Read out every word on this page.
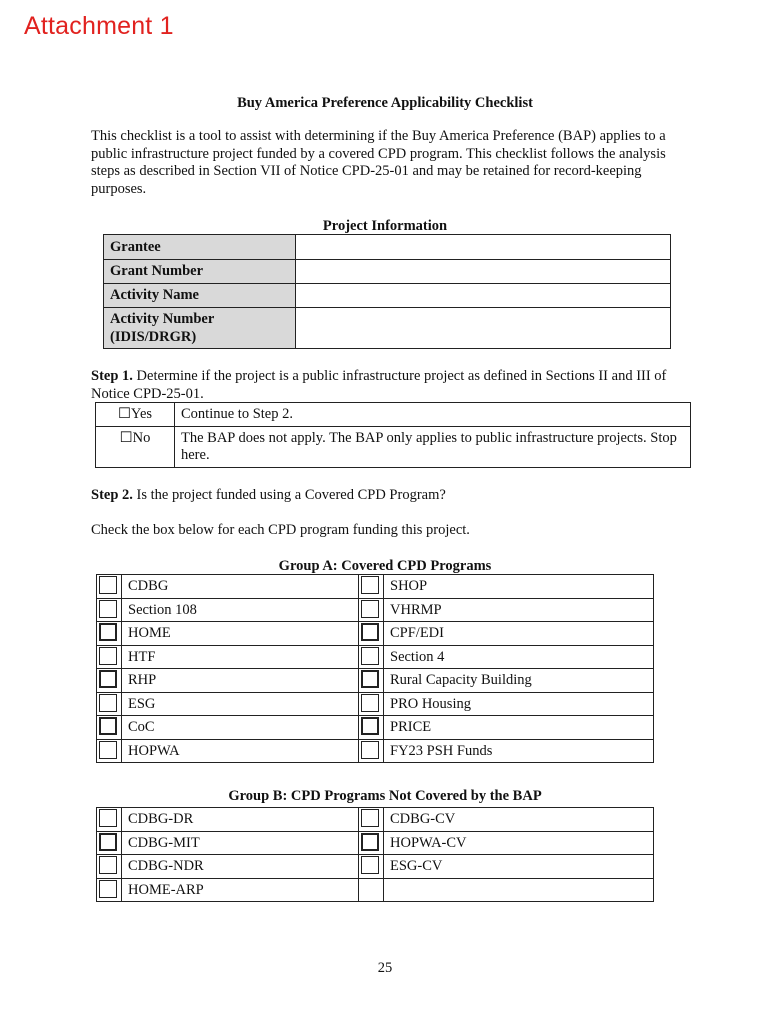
Attachment 1
Buy America Preference Applicability Checklist
This checklist is a tool to assist with determining if the Buy America Preference (BAP) applies to a public infrastructure project funded by a covered CPD program. This checklist follows the analysis steps as described in Section VII of Notice CPD-25-01 and may be retained for record-keeping purposes.
Project Information
Grantee	
Grant Number	
Activity Name	
Activity Number (IDIS/DRGR)	
Step 1. Determine if the project is a public infrastructure project as defined in Sections II and III of Notice CPD-25-01.
☐Yes	Continue to Step 2.
☐No	The BAP does not apply. The BAP only applies to public infrastructure projects. Stop here.
Step 2. Is the project funded using a Covered CPD Program?
Check the box below for each CPD program funding this project.
Group A: Covered CPD Programs
	CDBG		SHOP

	Section 108		VHRMP

	HOME		CPF/EDI

	HTF		Section 4

	RHP		Rural Capacity Building

	ESG		PRO Housing

	CoC		PRICE

	HOPWA		FY23 PSH Funds
Group B: CPD Programs Not Covered by the BAP
	CDBG-DR		CDBG-CV

	CDBG-MIT		HOPWA-CV

	CDBG-NDR		ESG-CV

	HOME-ARP		
25
